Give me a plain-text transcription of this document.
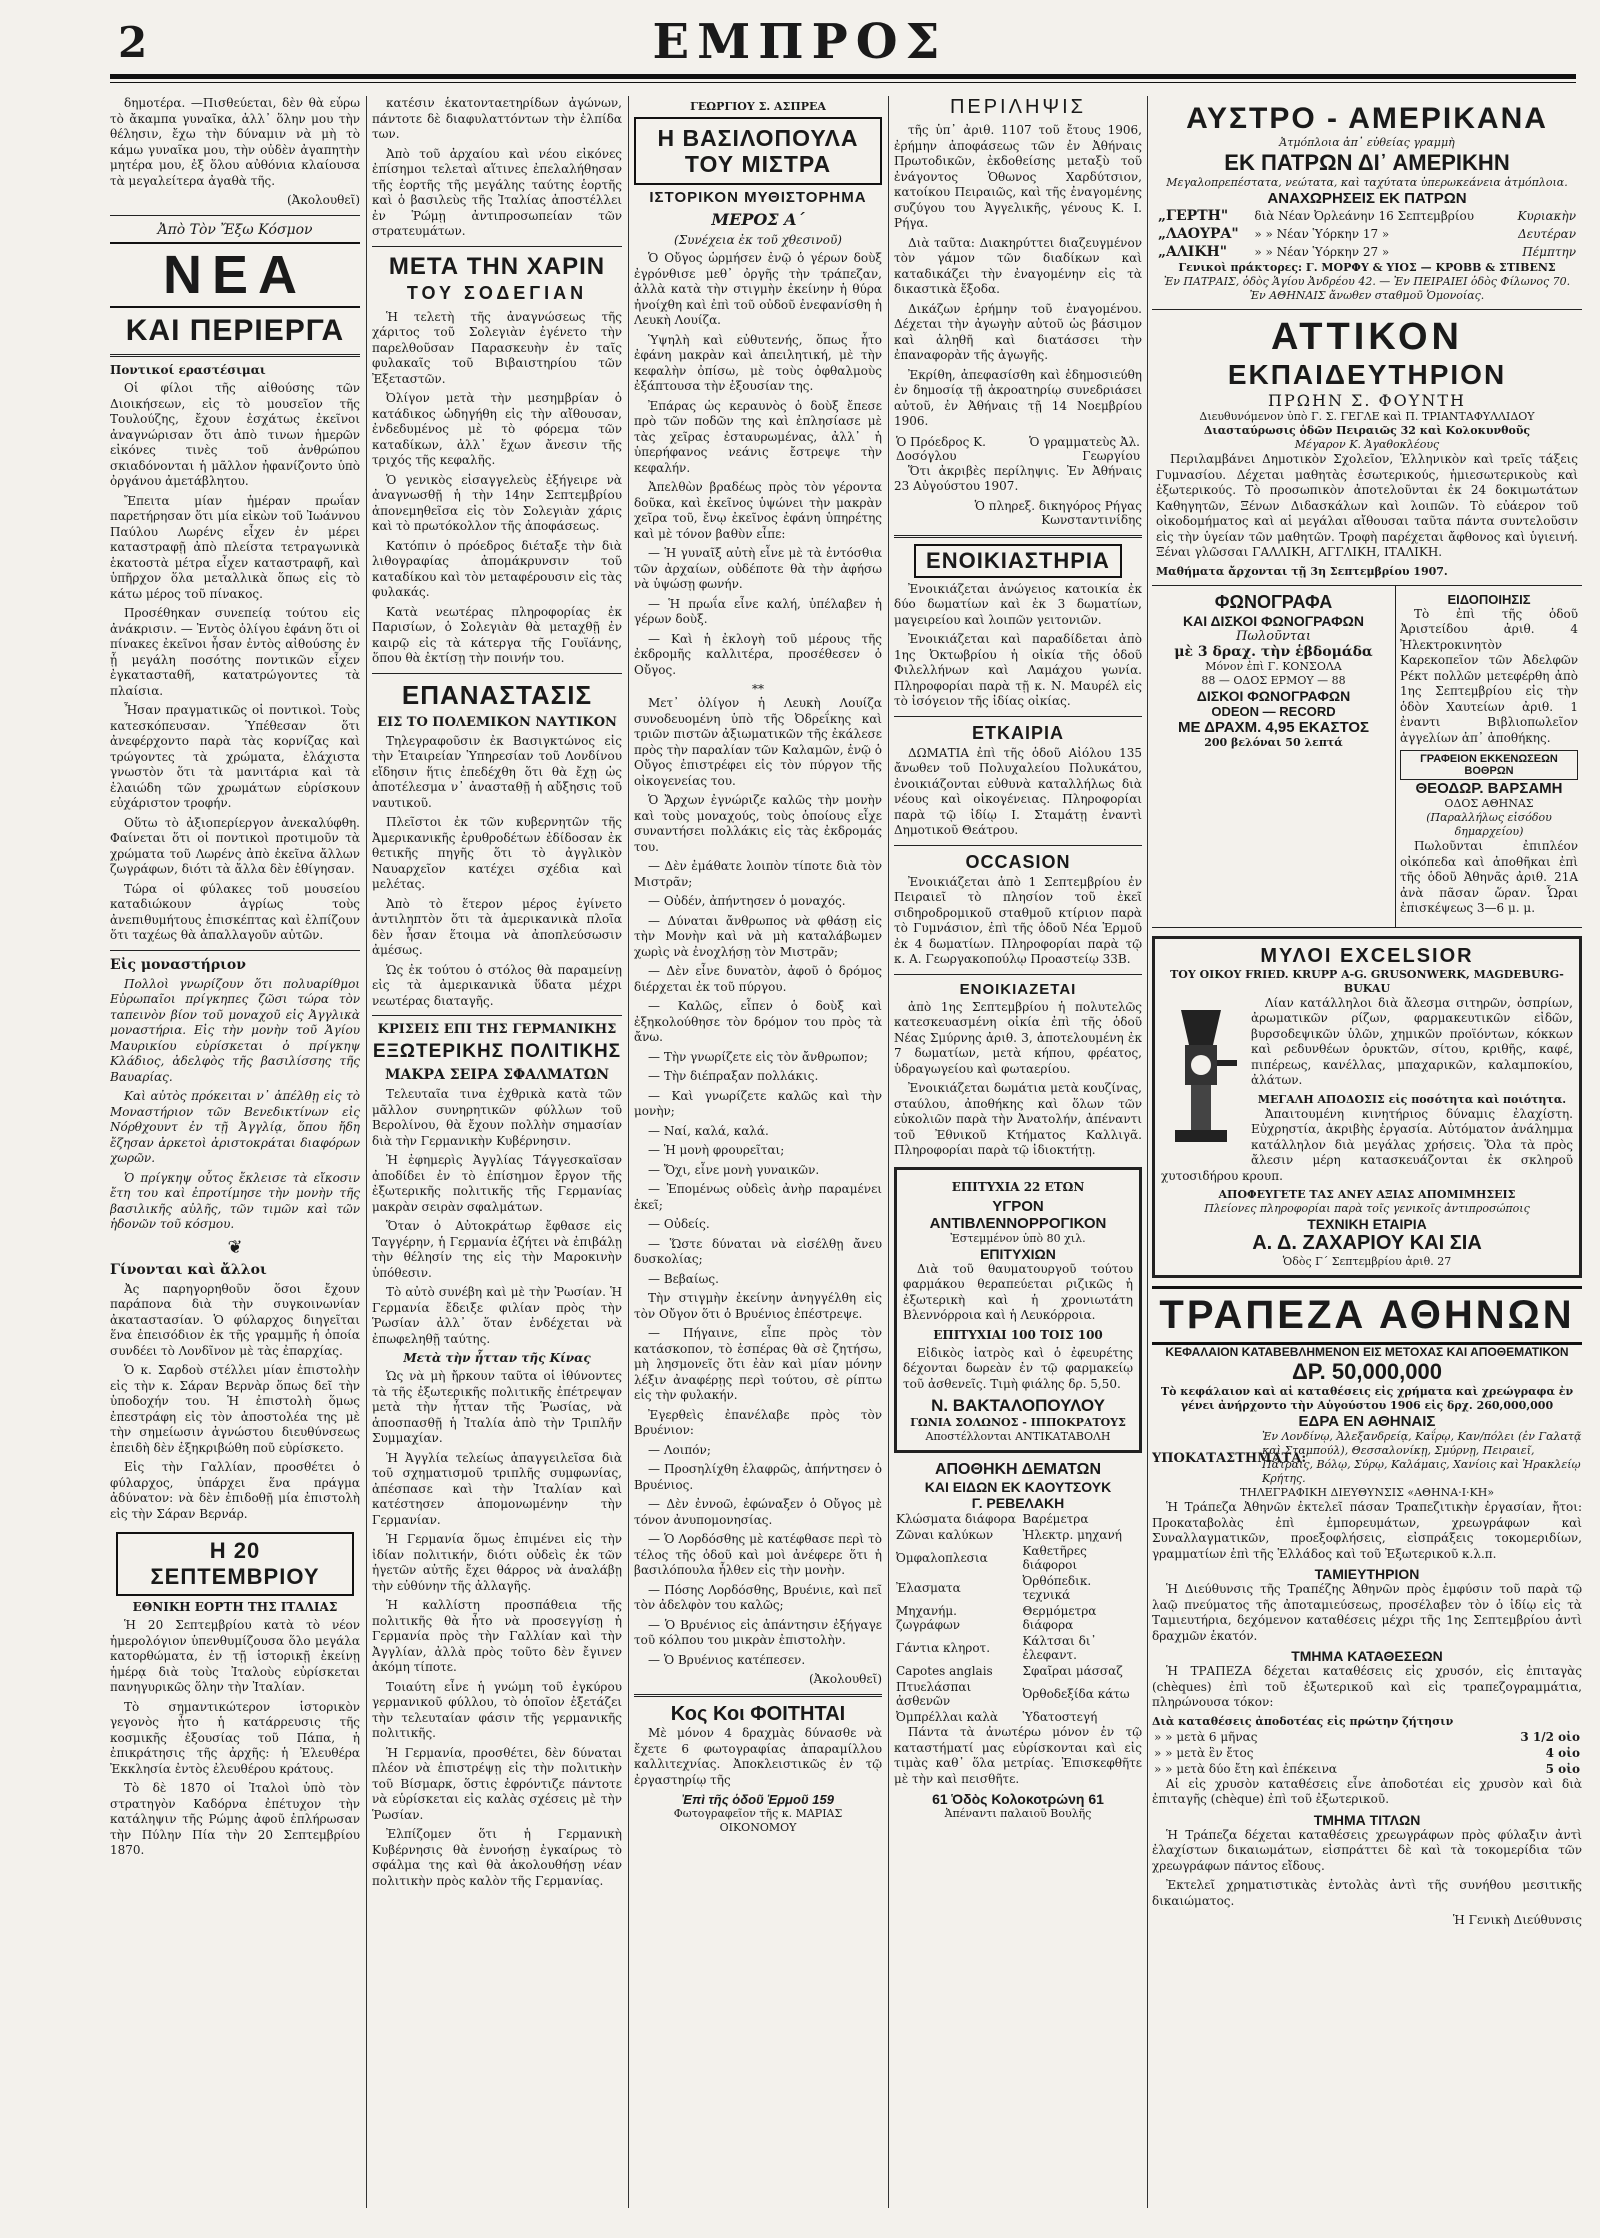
2	ΕΜΠΡΟΣ

δημοτέρα. —Πισθεύεται, δὲν θὰ εὗρω τὸ ἄκαμπα γυναῖκα, ἀλλ᾿ ὅλην μου τὴν θέλησιν, ἔχω τὴν δύναμιν νὰ μὴ τὸ κάμω γυναῖκα μου, τὴν οὐδὲν ἀγαπητὴν μητέρα μου, ἐξ ὅλου αὐθόνια κλαίουσα τὰ μεγαλείτερα ἀγαθὰ τῆς.

(Ἀκολουθεῖ)

Ἀπὸ Τὸν Ἔξω Κόσμον
ΝΕΑ
ΚΑΙ ΠΕΡΙΕΡΓΑ
Ποντικοί εραστέσιμαι

Οἱ φίλοι τῆς αἰθούσης τῶν Διοικήσεων, εἰς τὸ μουσεῖον τῆς Τουλούζης, ἔχουν ἐσχάτως ἐκεῖνοι ἀναγνώρισαν ὅτι ἀπὸ τινων ἡμερῶν εἰκόνες τινὲς τοῦ ἀνθρώπου σκιαδόνονται ἡ μᾶλλον ἠφανίζοντο ὑπὸ ὀργάνου ἀμετάβλητου.

Ἔπειτα μίαν ἡμέραν πρωΐαν παρετήρησαν ὅτι μία εἰκὼν τοῦ Ἰωάννου Παύλου Λωρένς εἶχεν ἐν μέρει καταστραφῇ ἀπὸ πλείστα τετραγωνικὰ ἑκατοστὰ μέτρα εἶχεν καταστραφῆ, καὶ ὑπῆρχον ὅλα μεταλλικὰ ὅπως εἰς τὸ κάτω μέρος τοῦ πίνακος.

Προσέθηκαν συνεπείᾳ τούτου εἰς ἀνάκρισιν. — Ἐντὸς ὀλίγου ἐφάνη ὅτι οἱ πίνακες ἐκεῖνοι ἦσαν ἐντὸς αἰθούσης ἐν ᾗ μεγάλη ποσότης ποντικῶν εἶχεν ἐγκατασταθῆ, κατατρώγοντες τὰ πλαίσια.

Ἦσαν πραγματικῶς οἱ ποντικοὶ. Τοὺς κατεσκόπευσαν. Ὑπέθεσαν ὅτι ἀνεφέρχοντο παρὰ τὰς κορνίζας καὶ τρώγοντες τὰ χρώματα, ἐλάχιστα γνωστὸν ὅτι τὰ μανιτάρια καὶ τὰ ἐλαιώδη τῶν χρωμάτων εὑρίσκουν εὐχάριστον τροφήν.

Οὕτω τὸ ἀξιοπερίεργον ἀνεκαλύφθη. Φαίνεται ὅτι οἱ ποντικοὶ προτιμοῦν τὰ χρώματα τοῦ Λωρένς ἀπὸ ἐκεῖνα ἄλλων ζωγράφων, διότι τὰ ἄλλα δὲν ἐθίγησαν.

Τώρα οἱ φύλακες τοῦ μουσείου καταδιώκουν ἀγρίως τοὺς ἀνεπιθυμήτους ἐπισκέπτας καὶ ἐλπίζουν ὅτι ταχέως θὰ ἀπαλλαγοῦν αὐτῶν.

Εἰς μοναστήριον

Πολλοὶ γνωρίζουν ὅτι πολυαρίθμοι Εὐρωπαῖοι πρίγκηπες ζῶσι τώρα τὸν ταπεινὸν βίον τοῦ μοναχοῦ εἰς Ἀγγλικὰ μοναστήρια. Εἰς τὴν μονὴν τοῦ Ἁγίου Μαυρικίου εὑρίσκεται ὁ πρίγκηψ Κλάδιος, ἀδελφὸς τῆς βασιλίσσης τῆς Βαυαρίας.

Καὶ αὐτὸς πρόκειται ν᾿ ἀπέλθῃ εἰς τὸ Μοναστήριον τῶν Βενεδικτίνων εἰς Νόρθχουντ ἐν τῇ Ἀγγλίᾳ, ὅπου ἤδη ἔζησαν ἀρκετοὶ ἀριστοκράται διαφόρων χωρῶν.

Ὁ πρίγκηψ οὗτος ἔκλεισε τὰ εἴκοσιν ἔτη του καὶ ἐπροτίμησε τὴν μονὴν τῆς βασιλικῆς αὐλῆς, τῶν τιμῶν καὶ τῶν ἡδονῶν τοῦ κόσμου.

❦
Γίνονται καὶ ἄλλοι

Ἀς παρηγορηθοῦν ὅσοι ἔχουν παράπονα διὰ τὴν συγκοινωνίαν ἀκαταστασίαν. Ὁ φύλαρχος διηγεῖται ἕνα ἐπεισόδιον ἐκ τῆς γραμμῆς ἡ ὁποία συνδέει τὸ Λονδῖνον μὲ τὰς ἐπαρχίας.

Ὁ κ. Σαρδοὺ στέλλει μίαν ἐπιστολὴν εἰς τὴν κ. Σάραν Βερνὰρ ὅπως δεῖ τὴν ὑποδοχήν του. Ἡ ἐπιστολὴ ὅμως ἐπεστράφη εἰς τὸν ἀποστολέα της μὲ τὴν σημείωσιν ἀγνώστου διευθύνσεως ἐπειδὴ δὲν ἐξηκριβώθη ποῦ εὑρίσκετο.

Εἰς τὴν Γαλλίαν, προσθέτει ὁ φύλαρχος, ὑπάρχει ἕνα πράγμα ἀδύνατον: νὰ δὲν ἐπιδοθῇ μία ἐπιστολὴ εἰς τὴν Σάραν Βερνάρ.

Η 20 ΣΕΠΤΕΜΒΡΙΟΥ
ΕΘΝΙΚΗ ΕΟΡΤΗ ΤΗΣ ΙΤΑΛΙΑΣ

Ἡ 20 Σεπτεμβρίου κατὰ τὸ νέον ἡμερολόγιον ὑπενθυμίζουσα ὅλο μεγάλα κατορθώματα, ἐν τῇ ἱστορικῇ ἐκείνῃ ἡμέρᾳ διὰ τοὺς Ἰταλοὺς εὐρίσκεται πανηγυρικῶς ὅλην τὴν Ἰταλίαν.

Τὸ σημαντικώτερον ἱστορικὸν γεγονὸς ἦτο ἡ κατάρρευσις τῆς κοσμικῆς ἐξουσίας τοῦ Πάπα, ἡ ἐπικράτησις τῆς ἀρχῆς: ἡ Ἐλευθέρα Ἐκκλησία ἐντὸς ἐλευθέρου κράτους.

Τὸ δὲ 1870 οἱ Ἰταλοὶ ὑπὸ τὸν στρατηγὸν Καδόρνα ἐπέτυχον τὴν κατάληψιν τῆς Ρώμης ἀφοῦ ἐπλήρωσαν τὴν Πύλην Πία τὴν 20 Σεπτεμβρίου 1870.

κατέσιν ἑκατονταετηρίδων ἀγώνων, πάντοτε δὲ διαφυλαττόντων τὴν ἐλπίδα των.

Ἀπὸ τοῦ ἀρχαίου καὶ νέου εἰκόνες ἐπίσημοι τελεταὶ αἵτινες ἐπελαλήθησαν τῆς ἑορτῆς τῆς μεγάλης ταύτης ἑορτῆς καὶ ὁ βασιλεὺς τῆς Ἰταλίας ἀποστέλλει ἐν Ῥώμῃ ἀντιπροσωπείαν τῶν στρατευμάτων.

ΜΕΤΑ ΤΗΝ ΧΑΡΙΝ
ΤΟΥ ΣΟΔΕΓΙΑΝ

Ἡ τελετὴ τῆς ἀναγνώσεως τῆς χάριτος τοῦ Σολεγιὰν ἐγένετο τὴν παρελθοῦσαν Παρασκευὴν ἐν ταῖς φυλακαῖς τοῦ Βιβαιστηρίου τῶν Ἐξεταστῶν.

Ὀλίγον μετὰ τὴν μεσημβρίαν ὁ κατάδικος ὡδηγήθη εἰς τὴν αἴθουσαν, ἐνδεδυμένος μὲ τὸ φόρεμα τῶν καταδίκων, ἀλλ᾿ ἔχων ἄνεσιν τῆς τριχός τῆς κεφαλῆς.

Ὁ γενικὸς εἰσαγγελεὺς ἐξήγειρε νὰ ἀναγνωσθῇ ἡ τὴν 14ην Σεπτεμβρίου ἀπονεμηθεῖσα εἰς τὸν Σολεγιὰν χάρις καὶ τὸ πρωτόκολλον τῆς ἀποφάσεως.

Κατόπιν ὁ πρόεδρος διέταξε τὴν διὰ λιθογραφίας ἀπομάκρυνσιν τοῦ καταδίκου καὶ τὸν μεταφέρουσιν εἰς τὰς φυλακάς.

Κατὰ νεωτέρας πληροφορίας ἐκ Παρισίων, ὁ Σολεγιὰν θὰ μεταχθῇ ἐν καιρῷ εἰς τὰ κάτεργα τῆς Γουϊάνης, ὅπου θὰ ἐκτίσῃ τὴν ποινήν του.

ΕΠΑΝΑΣΤΑΣΙΣ
ΕΙΣ ΤΟ ΠΟΛΕΜΙΚΟΝ ΝΑΥΤΙΚΟΝ

Τηλεγραφοῦσιν ἐκ Βασιγκτώνος εἰς τὴν Ἑταιρείαν Ὑπηρεσίαν τοῦ Λονδίνου εἴδησιν ἥτις ἐπεδέχθη ὅτι θὰ ἔχῃ ὡς ἀποτέλεσμα ν᾿ ἀνασταθῇ ἡ αὔξησις τοῦ ναυτικοῦ.

Πλεῖστοι ἐκ τῶν κυβερνητῶν τῆς Ἀμερικανικῆς ἐρυθροδέτων ἐδίδοσαν ἐκ θετικῆς πηγῆς ὅτι τὸ ἀγγλικὸν Ναυαρχεῖον κατέχει σχέδια καὶ μελέτας.

Ἀπὸ τὸ ἕτερον μέρος ἐγίνετο ἀντιληπτὸν ὅτι τὰ ἀμερικανικὰ πλοῖα δὲν ἦσαν ἕτοιμα νὰ ἀποπλεύσωσιν ἀμέσως.

Ὡς ἐκ τούτου ὁ στόλος θὰ παραμείνῃ εἰς τὰ ἀμερικανικὰ ὕδατα μέχρι νεωτέρας διαταγῆς.

ΚΡΙΣΕΙΣ ΕΠΙ ΤΗΣ ΓΕΡΜΑΝΙΚΗΣ
ΕΞΩΤΕΡΙΚΗΣ ΠΟΛΙΤΙΚΗΣ
ΜΑΚΡΑ ΣΕΙΡΑ ΣΦΑΛΜΑΤΩΝ

Τελευταῖα τινα ἐχθρικὰ κατὰ τῶν μᾶλλον συνηρητικῶν φύλλων τοῦ Βερολίνου, θὰ ἔχουν πολλὴν σημασίαν διὰ τὴν Γερμανικὴν Κυβέρνησιν.

Ἡ ἐφημερὶς Ἀγγλίας Τάγγεσκαϊσαν ἀποδίδει ἐν τὸ ἐπίσημον ἔργον τῆς ἐξωτερικῆς πολιτικῆς τῆς Γερμανίας μακρὰν σειρὰν σφαλμάτων.

Ὅταν ὁ Αὐτοκράτωρ ἔφθασε εἰς Ταγγέρην, ἡ Γερμανία ἐζήτει νὰ ἐπιβάλῃ τὴν θέλησίν της εἰς τὴν Μαροκινὴν ὑπόθεσιν.

Τὸ αὐτὸ συνέβη καὶ μὲ τὴν Ῥωσίαν. Ἡ Γερμανία ἔδειξε φιλίαν πρὸς τὴν Ῥωσίαν ἀλλ᾿ ὅταν ἐνδέχεται νὰ ἐπωφεληθῇ ταύτης.

Μετὰ τὴν ἧτταν τῆς Κίνας

Ὡς νὰ μὴ ἤρκουν ταῦτα οἱ ἰθύνοντες τὰ τῆς ἐξωτερικῆς πολιτικῆς ἐπέτρεψαν μετὰ τὴν ἧτταν τῆς Ῥωσίας, νὰ ἀποσπασθῇ ἡ Ἰταλία ἀπὸ τὴν Τριπλῆν Συμμαχίαν.

Ἡ Ἀγγλία τελείως ἀπαγγειλεῖσα διὰ τοῦ σχηματισμοῦ τριπλῆς συμφωνίας, ἀπέσπασε καὶ τὴν Ἰταλίαν καὶ κατέστησεν ἀπομονωμένην τὴν Γερμανίαν.

Ἡ Γερμανία ὅμως ἐπιμένει εἰς τὴν ἰδίαν πολιτικήν, διότι οὐδεὶς ἐκ τῶν ἡγετῶν αὐτῆς ἔχει θάρρος νὰ ἀναλάβῃ τὴν εὐθύνην τῆς ἀλλαγῆς.

Ἡ καλλίστη προσπάθεια τῆς πολιτικῆς θὰ ἦτο νὰ προσεγγίσῃ ἡ Γερμανία πρὸς τὴν Γαλλίαν καὶ τὴν Ἀγγλίαν, ἀλλὰ πρὸς τοῦτο δὲν ἔγινεν ἀκόμη τίποτε.

Τοιαύτη εἶνε ἡ γνώμη τοῦ ἐγκύρου γερμανικοῦ φύλλου, τὸ ὁποῖον ἐξετάζει τὴν τελευταίαν φάσιν τῆς γερμανικῆς πολιτικῆς.

Ἡ Γερμανία, προσθέτει, δὲν δύναται πλέον νὰ ἐπιστρέψῃ εἰς τὴν πολιτικὴν τοῦ Βίσμαρκ, ὅστις ἐφρόντιζε πάντοτε νὰ εὑρίσκεται εἰς καλὰς σχέσεις μὲ τὴν Ῥωσίαν.

Ἐλπίζομεν ὅτι ἡ Γερμανικὴ Κυβέρνησις θὰ ἐννοήσῃ ἐγκαίρως τὸ σφάλμα της καὶ θὰ ἀκολουθήσῃ νέαν πολιτικὴν πρὸς καλὸν τῆς Γερμανίας.

ΓΕΩΡΓΙΟΥ Σ. ΑΣΠΡΕΑ
Η ΒΑΣΙΛΟΠΟΥΛΑ ΤΟΥ ΜΙΣΤΡΑ
ΙΣΤΟΡΙΚΟΝ ΜΥΘΙΣΤΟΡΗΜΑ
ΜΕΡΟΣ Α΄
(Συνέχεια ἐκ τοῦ χθεσινοῦ)

Ὁ Οὔγος ὡρμήσεν ἐνῷ ὁ γέρων δοὺξ ἐγρόνθισε μεθ᾿ ὀργῆς τὴν τράπεζαν, ἀλλὰ κατὰ τὴν στιγμὴν ἐκείνην ἡ θύρα ἠνοίχθη καὶ ἐπὶ τοῦ οὐδοῦ ἐνεφανίσθη ἡ Λευκὴ Λουίζα.

Ὑψηλὴ καὶ εὐθυτενής, ὅπως ἦτο ἐφάνη μακρὰν καὶ ἀπειλητική, μὲ τὴν κεφαλὴν ὀπίσω, μὲ τοὺς ὀφθαλμοὺς ἐξάπτουσα τὴν ἐξουσίαν της.

Ἐπάρας ὡς κεραυνὸς ὁ δοὺξ ἔπεσε πρὸ τῶν ποδῶν της καὶ ἐπλησίασε μὲ τὰς χεῖρας ἐσταυρωμένας, ἀλλ᾿ ἡ ὑπερήφανος νεάνις ἔστρεψε τὴν κεφαλήν.

Ἀπελθὼν βραδέως πρὸς τὸν γέροντα δοῦκα, καὶ ἐκεῖνος ὑψώνει τὴν μακρὰν χεῖρα τοῦ, ἔνῳ ἐκεῖνος ἐφάνη ὑπηρέτης καὶ μὲ τόνον βαθὺν εἶπε:

— Ἡ γυναῖξ αὐτὴ εἶνε μὲ τὰ ἐντόσθια τῶν ἀρχαίων, οὐδέποτε θὰ τὴν ἀφήσω νὰ ὑψώσῃ φωνήν.

— Ἡ πρωΐα εἶνε καλή, ὑπέλαβεν ἡ γέρων δοὺξ.

— Καὶ ἡ ἐκλογὴ τοῦ μέρους τῆς ἐκδρομῆς καλλιτέρα, προσέθεσεν ὁ Οὔγος.

**

Μετ᾿ ὀλίγον ἡ Λευκὴ Λουίζα συνοδευομένη ὑπὸ τῆς Ὀδρεΐκης καὶ τριῶν πιστῶν ἀξιωματικῶν τῆς ἐκάλεσε πρὸς τὴν παραλίαν τῶν Καλαμῶν, ἐνῷ ὁ Οὔγος ἐπιστρέφει εἰς τὸν πύργον τῆς οἰκογενείας του.

Ὁ Ἄρχων ἐγνώριζε καλῶς τὴν μονὴν καὶ τοὺς μοναχούς, τοὺς ὁποίους εἶχε συναντήσει πολλάκις εἰς τὰς ἐκδρομάς του.

— Δὲν ἐμάθατε λοιπὸν τίποτε διὰ τὸν Μιστρᾶν;

— Οὐδέν, ἀπήντησεν ὁ μοναχός.

— Δύναται ἄνθρωπος νὰ φθάσῃ εἰς τὴν Μονὴν καὶ νὰ μὴ καταλάβωμεν χωρὶς νὰ ἐνοχλήσῃ τὸν Μιστρᾶν;

— Δὲν εἶνε δυνατὸν, ἀφοῦ ὁ δρόμος διέρχεται ἐκ τοῦ πύργου.

— Καλῶς, εἶπεν ὁ δοὺξ καὶ ἐξηκολούθησε τὸν δρόμον του πρὸς τὰ ἄνω.

— Τὴν γνωρίζετε εἰς τὸν ἄνθρωπον;

— Τὴν διέπραξαν πολλάκις.

— Καὶ γνωρίζετε καλῶς καὶ τὴν μονὴν;

— Ναί, καλά, καλά.

— Ἡ μονὴ φρουρεῖται;

— Ὄχι, εἶνε μονὴ γυναικῶν.

— Ἐπομένως οὐδεὶς ἀνὴρ παραμένει ἐκεῖ;

— Οὐδείς.

— Ὥστε δύναται νὰ εἰσέλθῃ ἄνευ δυσκολίας;

— Βεβαίως.

Τὴν στιγμὴν ἐκείνην ἀνηγγέλθη εἰς τὸν Οὔγον ὅτι ὁ Βρυένιος ἐπέστρεψε.

— Πήγαινε, εἶπε πρὸς τὸν κατάσκοπον, τὸ ἑσπέρας θὰ σὲ ζητήσω, μὴ λησμονεῖς ὅτι ἐὰν καὶ μίαν μόνην λέξιν ἀναφέρῃς περὶ τούτου, σὲ ρίπτω εἰς τὴν φυλακήν.

Ἐγερθεὶς ἐπανέλαβε πρὸς τὸν Βρυένιον:

— Λοιπόν;

— Προσηλίχθη ἐλαφρῶς, ἀπήντησεν ὁ Βρυένιος.

— Δὲν ἐννοῶ, ἐφώναξεν ὁ Οὔγος μὲ τόνον ἀνυπομονησίας.

— Ὁ Λορδόσθης μὲ κατέφθασε περὶ τὸ τέλος τῆς ὁδοῦ καὶ μοὶ ἀνέφερε ὅτι ἡ βασιλόπουλα ἦλθεν εἰς τὴν μονὴν.

— Πόσης Λορδόσθης, Βρυένιε, καὶ πεῖ τὸν ἀδελφὸν του καλῶς;

— Ὁ Βρυένιος εἰς ἀπάντησιν ἐξήγαγε τοῦ κόλπου του μικρὰν ἐπιστολὴν.

— Ὁ Βρυένιος κατέπεσεν.

(Ἀκολουθεῖ)

Κος Κοι ΦΟΙΤΗΤΑΙ

Μὲ μόνον 4 δραχμὰς δύνασθε νὰ ἔχετε 6 φωτογραφίας ἀπαραμίλλου καλλιτεχνίας. Ἀποκλειστικῶς ἐν τῷ ἐργαστηρίῳ τῆς

Ἐπὶ τῆς ὁδοῦ Ἑρμοῦ 159
Φωτογραφεῖον τῆς κ. ΜΑΡΙΑΣ ΟΙΚΟΝΟΜΟΥ
ΠΕΡΙΛΗΨΙΣ

τῆς ὑπ᾿ ἀριθ. 1107 τοῦ ἔτους 1906, ἐρήμην ἀποφάσεως τῶν ἐν Ἀθήναις Πρωτοδικῶν, ἐκδοθείσης μεταξὺ τοῦ ἐνάγοντος Ὁθωνος Χαρδύτσιον, κατοίκου Πειραιῶς, καὶ τῆς ἐναγομένης συζύγου του Ἀγγελικῆς, γένους Κ. Ι. Ρήγα.

Διὰ ταῦτα: Διακηρύττει διαζευγμένον τὸν γάμον τῶν διαδίκων καὶ καταδικάζει τὴν ἐναγομένην εἰς τὰ δικαστικὰ ἔξοδα.

Δικάζων ἐρήμην τοῦ ἐναγομένου. Δέχεται τὴν ἀγωγὴν αὐτοῦ ὡς βάσιμον καὶ ἀληθῆ καὶ διατάσσει τὴν ἐπαναφορὰν τῆς ἀγωγῆς.

Ἐκρίθη, ἀπεφασίσθη καὶ ἐδημοσιεύθη ἐν δημοσίᾳ τῇ ἀκροατηρίῳ συνεδριάσει αὐτοῦ, ἐν Ἀθήναις τῇ 14 Νοεμβρίου 1906.

Ὁ Πρόεδρος Κ. Δοσόγλου	Ὁ γραμματεὺς Ἀλ. Γεωργίου

Ὅτι ἀκριβὲς περίληψις. Ἐν Ἀθήναις 23 Αὐγούστου 1907.

Ὁ πληρεξ. δικηγόρος Ρήγας Κωνσταντινίδης

ΕΝΟΙΚΙΑΣΤΗΡΙΑ

Ἐνοικιάζεται ἀνώγειος κατοικία ἐκ δύο δωματίων καὶ ἐκ 3 δωματίων, μαγειρείου καὶ λοιπῶν γειτονιῶν.

Ἐνοικιάζεται καὶ παραδίδεται ἀπὸ 1ης Ὀκτωβρίου ἡ οἰκία τῆς ὁδοῦ Φιλελλήνων καὶ Λαμάχου γωνία. Πληροφορίαι παρὰ τῇ κ. Ν. Μαυρέλ εἰς τὸ ἰσόγειον τῆς ἰδίας οἰκίας.

ΕΤΚΑΙΡΙΑ

ΔΩΜΑΤΙΑ ἐπὶ τῆς ὁδοῦ Αἰόλου 135 ἄνωθεν τοῦ Πολυχαλείου Πολυκάτου, ἐνοικιάζονται εὐθυνὰ καταλλήλως διὰ νέους καὶ οἰκογένειας. Πληροφορίαι παρὰ τῷ ἰδίῳ Ι. Σταμάτῃ ἐναντὶ Δημοτικοῦ Θεάτρου.

OCCASION

Ἐνοικιάζεται ἀπὸ 1 Σεπτεμβρίου ἐν Πειραιεῖ τὸ πλησίον τοῦ ἐκεῖ σιδηροδρομικοῦ σταθμοῦ κτίριον παρὰ τὸ Γυμνάσιον, ἐπὶ τῆς ὁδοῦ Νέα Ἑρμοῦ ἐκ 4 δωματίων. Πληροφορίαι παρὰ τῷ κ. Α. Γεωργακοπούλῳ Προαστείῳ 33Β.

ΕΝΟΙΚΙΑΖΕΤΑΙ

ἀπὸ 1ης Σεπτεμβρίου ἡ πολυτελῶς κατεσκευασμένη οἰκία ἐπὶ τῆς ὁδοῦ Νέας Σμύρνης ἀριθ. 3, ἀποτελουμένη ἐκ 7 δωματίων, μετὰ κήπου, φρέατος, ὑδραγωγείου καὶ φωταερίου.

Ἐνοικιάζεται δωμάτια μετὰ κουζίνας, σταύλου, ἀποθήκης καὶ ὅλων τῶν εὐκολιῶν παρὰ τὴν Ἀνατολήν, ἀπέναντι τοῦ Ἐθνικοῦ Κτήματος Καλλιγᾶ. Πληροφορίαι παρὰ τῷ ἰδιοκτήτῃ.

ΕΠΙΤΥΧΙΑ 22 ΕΤΩΝ
ΥΓΡΟΝ ΑΝΤΙΒΛΕΝΝΟΡΡΟΓΙΚΟΝ
Ἐστεμμένον ὑπὸ 80 χιλ.
ΕΠΙΤΥΧΙΩΝ

Διὰ τοῦ θαυματουργοῦ τούτου φαρμάκου θεραπεύεται ριζικῶς ἡ ἐξωτερικὴ καὶ ἡ χρονιωτάτη Βλεννόρροια καὶ ἡ Λευκόρροια.

ΕΠΙΤΥΧΙΑΙ 100 ΤΟΙΣ 100

Εἰδικὸς ἰατρὸς καὶ ὁ ἐφευρέτης δέχονται δωρεὰν ἐν τῷ φαρμακείῳ τοῦ ἀσθενεῖς. Τιμὴ φιάλης δρ. 5,50.

Ν. ΒΑΚΤΑΛΟΠΟΥΛΟΥ
ΓΩΝΙΑ ΣΟΛΩΝΟΣ - ΙΠΠΟΚΡΑΤΟΥΣ
Αποστέλλονται ΑΝΤΙΚΑΤΑΒΟΛΗ
ΑΠΟΘΗΚΗ ΔΕΜΑΤΩΝ
ΚΑΙ ΕΙΔΩΝ ΕΚ ΚΑΟΥΤΣΟΥΚ
Γ. ΡΕΒΕΛΑΚΗ
Κλώσματα διάφορα	Βαρέμετρα
Ζῶναι καλύκων	Ἠλεκτρ. μηχανή
Ὀμφαλοπλεσια	Καθετῆρες διάφοροι
Ἐλασματα	Ὀρθόπεδικ. τεχνικά
Μηχανήμ. ζωγράφων	Θερμόμετρα διάφορα
Γάντια κληροτ.	Κάλτσαι δι᾿ ἐλεφαντ.
Capotes anglais	Σφαῖραι μάσσαζ
Πτυελάσπαι ἀσθενῶν	Ὀρθοδεξίδα κάτω
Ὀμπρέλλαι καλὰ	Ὑδατοστεγή

Πάντα τὰ ἀνωτέρω μόνον ἐν τῷ καταστήματί μας εὑρίσκονται καὶ εἰς τιμὰς καθ᾿ ὅλα μετρίας. Ἐπισκεφθῆτε μὲ τὴν καὶ πεισθῆτε.

61 Ὁδὸς Κολοκοτρώνη 61
Ἀπέναντι παλαιοῦ Βουλῆς
ΑΥΣΤΡΟ - ΑΜΕΡΙΚΑΝΑ
Ἀτμόπλοια ἀπ᾿ εὐθείας γραμμὴ
ΕΚ ΠΑΤΡΩΝ ΔΙ᾿ ΑΜΕΡΙΚΗΝ
Μεγαλοπρεπέστατα, νεώτατα, καὶ ταχύτατα ὑπερωκεάνεια ἀτμόπλοια.
ΑΝΑΧΩΡΗΣΕΙΣ ΕΚ ΠΑΤΡΩΝ
„ΓΕΡΤΗ"	διὰ Νέαν Ὀρλεάνην 16 Σεπτεμβρίου	Κυριακὴν
„ΛΑΟΥΡΑ"	» » Νέαν Ὑόρκην 17 »	Δευτέραν
„ΑΛΙΚΗ"	» » Νέαν Ὑόρκην 27 »	Πέμπτην
Γενικοὶ πράκτορες: Γ. ΜΟΡΦΥ & ΥΙΟΣ — ΚΡΟΒΒ & ΣΤΙΒΕΝΣ
Ἐν ΠΑΤΡΑΙΣ, ὁδὸς Ἁγίου Ἀνδρέου 42. — Ἐν ΠΕΙΡΑΙΕΙ ὁδὸς Φίλωνος 70. Ἐν ΑΘΗΝΑΙΣ ἄνωθεν σταθμοῦ Ὁμονοίας.
ΑΤΤΙΚΟΝ
ΕΚΠΑΙΔΕΥΤΗΡΙΟΝ
ΠΡΩΗΝ Σ. ΦΟΥΝΤΗ
Διευθυνόμενον ὑπὸ Γ. Σ. ΓΕΓΛΕ καὶ Π. ΤΡΙΑΝΤΑΦΥΛΛΙΔΟΥ
Διασταύρωσις ὁδῶν Πειραιῶς 32 καὶ Κολοκυνθοῦς
Μέγαρον Κ. Ἀγαθοκλέους

Περιλαμβάνει Δημοτικὸν Σχολεῖον, Ἑλληνικὸν καὶ τρεῖς τάξεις Γυμνασίου. Δέχεται μαθητὰς ἐσωτερικούς, ἡμιεσωτερικοὺς καὶ ἐξωτερικούς. Τὸ προσωπικὸν ἀποτελοῦνται ἐκ 24 δοκιμωτάτων Καθηγητῶν, Ξένων Διδασκάλων καὶ λοιπῶν. Τὸ εὐάερον τοῦ οἰκοδομήματος καὶ αἱ μεγάλαι αἴθουσαι ταῦτα πάντα συντελοῦσιν εἰς τὴν ὑγείαν τῶν μαθητῶν. Τροφὴ παρέχεται ἄφθονος καὶ ὑγιεινή. Ξέναι γλῶσσαι ΓΑΛΛΙΚΗ, ΑΓΓΛΙΚΗ, ΙΤΑΛΙΚΗ.

Μαθήματα ἄρχονται τῇ 3η Σεπτεμβρίου 1907.
ΦΩΝΟΓΡΑΦΑ
ΚΑΙ ΔΙΣΚΟΙ ΦΩΝΟΓΡΑΦΩΝ
Πωλοῦνται
μὲ 3 δραχ. τὴν ἑβδομάδα
Μόνον ἐπὶ Γ. ΚΟΝΣΟΛΑ
88 — ΟΔΟΣ ΕΡΜΟΥ — 88
ΔΙΣΚΟΙ ΦΩΝΟΓΡΑΦΩΝ
ODEON — RECORD
ΜΕ ΔΡΑΧΜ. 4,95 ΕΚΑΣΤΟΣ
200 βελόναι 50 λεπτά
ΕΙΔΟΠΟΙΗΣΙΣ

Τὸ ἐπὶ τῆς ὁδοῦ Ἀριστείδου ἀριθ. 4 Ἠλεκτροκινητὸν Καρεκοπεῖον τῶν Ἀδελφῶν Ρέκτ πολλῶν μετεφέρθη ἀπὸ 1ης Σεπτεμβρίου εἰς τὴν ὁδὸν Χαυτείων ἀριθ. 1 ἐναντι Βιβλιοπωλεῖον ἀγγελίων ἀπ᾿ ἀποθήκης.

ΓΡΑΦΕΙΟΝ ΕΚΚΕΝΩΣΕΩΝ ΒΟΘΡΩΝ
ΘΕΟΔΩΡ. ΒΑΡΣΑΜΗ
ΟΔΟΣ ΑΘΗΝΑΣ
(Παραλλήλως εἰσόδου δημαρχείου)

Πωλοῦνται ἐπιπλέον οἰκόπεδα καὶ ἀποθῆκαι ἐπὶ τῆς ὁδοῦ Ἀθηνᾶς ἀριθ. 21Α ἀνὰ πᾶσαν ὥραν. Ὧραι ἐπισκέψεως 3—6 μ. μ.

ΜΥΛΟΙ EXCELSIOR
ΤΟΥ ΟΙΚΟΥ FRIED. KRUPP A-G. GRUSONWERK, MAGDEBURG-BUKAU

Λίαν κατάλληλοι διὰ ἄλεσμα σιτηρῶν, ὀσπρίων, ἀρωματικῶν ρίζων, φαρμακευτικῶν εἰδῶν, βυρσοδεψικῶν ὑλῶν, χημικῶν προϊόντων, κόκκων καὶ ρεδυνθέων ὀρυκτῶν, σίτου, κριθῆς, καφέ, πιπέρεως, κανέλλας, μπαχαρικῶν, καλαμποκίου, ἀλάτων.

ΜΕΓΑΛΗ ΑΠΟΔΟΣΙΣ εἰς ποσότητα καὶ ποιότητα.

Ἀπαιτουμένη κινητήριος δύναμις ἐλαχίστη. Εὐχρηστία, ἀκριβὴς ἐργασία. Αὐτόματον ἀνάλημμα κατάλληλον διὰ μεγάλας χρήσεις. Ὅλα τὰ πρὸς ἄλεσιν μέρη κατασκευάζονται ἐκ σκληροῦ χυτοσιδήρου κρουπ.

ΑΠΟΦΕΥΓΕΤΕ ΤΑΣ ΑΝΕΥ ΑΞΙΑΣ ΑΠΟΜΙΜΗΣΕΙΣ
Πλείονες πληροφορίαι παρὰ τοῖς γενικοῖς ἀντιπροσώποις
ΤΕΧΝΙΚΗ ΕΤΑΙΡΙΑ
Α. Δ. ΖΑΧΑΡΙΟΥ ΚΑΙ ΣΙΑ
Ὁδὸς Γ΄ Σεπτεμβρίου ἀριθ. 27
ΤΡΑΠΕΖΑ ΑΘΗΝΩΝ
ΚΕΦΑΛΑΙΟΝ ΚΑΤΑΒΕΒΛΗΜΕΝΟΝ ΕΙΣ ΜΕΤΟΧΑΣ ΚΑΙ ΑΠΟΘΕΜΑΤΙΚΟΝ
ΔΡ. 50,000,000
Τὸ κεφάλαιον καὶ αἱ καταθέσεις εἰς χρήματα καὶ χρεώγραφα ἐν γένει ἀνήρχοντο τὴν Αὐγούστου 1906 εἰς δρχ. 260,000,000
ΕΔΡΑ ΕΝ ΑΘΗΝΑΙΣ
ΥΠΟΚΑΤΑΣΤΗΜΑΤΑ:
Ἐν Λονδίνῳ, Ἀλεξανδρείᾳ, Καΐρῳ, Καν/πόλει (ἐν Γαλατᾷ καὶ Σταμπούλ), Θεσσαλονίκῃ, Σμύρνῃ, Πειραιεῖ, Πάτραις, Βόλῳ, Σύρῳ, Καλάμαις, Χανίοις καὶ Ἡρακλείῳ Κρήτης.
ΤΗΛΕΓΡΑΦΙΚΗ ΔΙΕΥΘΥΝΣΙΣ «ΑΘΗΝΑ·Ι·ΚΗ»

Ἡ Τράπεζα Ἀθηνῶν ἐκτελεῖ πάσαν Τραπεζιτικὴν ἐργασίαν, ἤτοι: Προκαταβολὰς ἐπὶ ἐμπορευμάτων, χρεωγράφων καὶ Συναλλαγματικῶν, προεξοφλήσεις, εἰσπράξεις τοκομεριδίων, γραμματίων ἐπὶ τῆς Ἑλλάδος καὶ τοῦ Ἐξωτερικοῦ κ.λ.π.

ΤΑΜΙΕΥΤΗΡΙΟΝ

Ἡ Διεύθυνσις τῆς Τραπέζης Ἀθηνῶν πρὸς ἐμφύσιν τοῦ παρὰ τῷ λαῷ πνεύματος τῆς ἀποταμιεύσεως, προσέλαβεν τὸν ὁ ἰδίῳ εἰς τὰ Ταμιευτήρια, δεχόμενον καταθέσεις μέχρι τῆς 1ης Σεπτεμβρίου ἀντὶ δραχμῶν ἑκατόν.

ΤΜΗΜΑ ΚΑΤΑΘΕΣΕΩΝ

Ἡ ΤΡΑΠΕΖΑ δέχεται καταθέσεις εἰς χρυσόν, εἰς ἐπιταγὰς (chèques) ἐπὶ τοῦ ἐξωτερικοῦ καὶ εἰς τραπεζογραμμάτια, πληρώνουσα τόκον:

Διὰ καταθέσεις ἀποδοτέας εἰς πρώτην ζήτησιν
» » μετὰ 6 μῆνας	3 1/2 οἰο
» » μετὰ ἓν ἔτος	4 οἰο
» » μετὰ δύο ἔτη καὶ ἐπέκεινα	5 οἰο

Αἱ εἰς χρυσὸν καταθέσεις εἶνε ἀποδοτέαι εἰς χρυσὸν καὶ διὰ ἐπιταγῆς (chèque) ἐπὶ τοῦ ἐξωτερικοῦ.

ΤΜΗΜΑ ΤΙΤΛΩΝ

Ἡ Τράπεζα δέχεται καταθέσεις χρεωγράφων πρὸς φύλαξιν ἀντὶ ἐλαχίστων δικαιωμάτων, εἰσπράττει δὲ καὶ τὰ τοκομερίδια τῶν χρεωγράφων πάντος εἴδους.

Ἐκτελεῖ χρηματιστικὰς ἐντολὰς ἀντὶ τῆς συνήθου μεσιτικῆς δικαιώματος.

Ἡ Γενικὴ Διεύθυνσις
